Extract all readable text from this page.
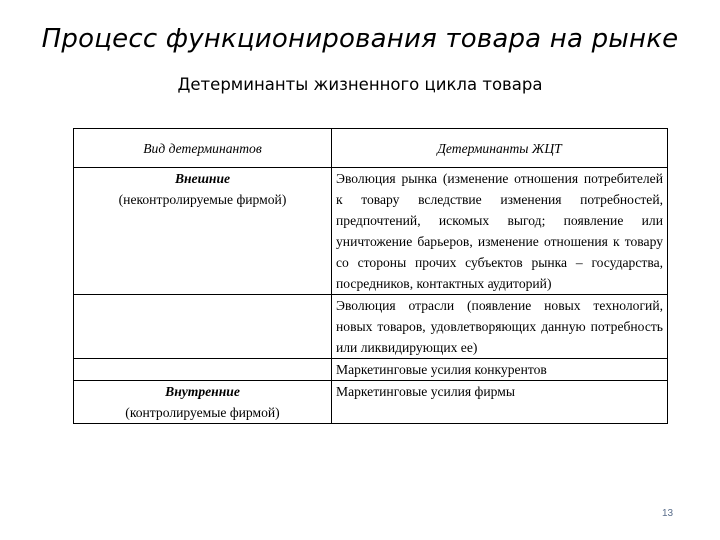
Процесс функционирования товара на рынке
Детерминанты жизненного цикла товара
Вид детерминантов	Детерминанты ЖЦТ

Внешние
(неконтролируемые фирмой)	Эволюция рынка (изменение отношения потребителей к товару вследствие изменения потребностей, предпочтений, искомых выгод; появление или уничтожение барьеров, изменение отношения к товару со стороны прочих субъектов рынка – государства, посредников, контактных аудиторий)
	Эволюция отрасли (появление новых технологий, новых товаров, удовлетворяющих данную потребность или ликвидирующих ее)
	Маркетинговые усилия конкурентов

Внутренние
(контролируемые фирмой)	Маркетинговые усилия фирмы
13
